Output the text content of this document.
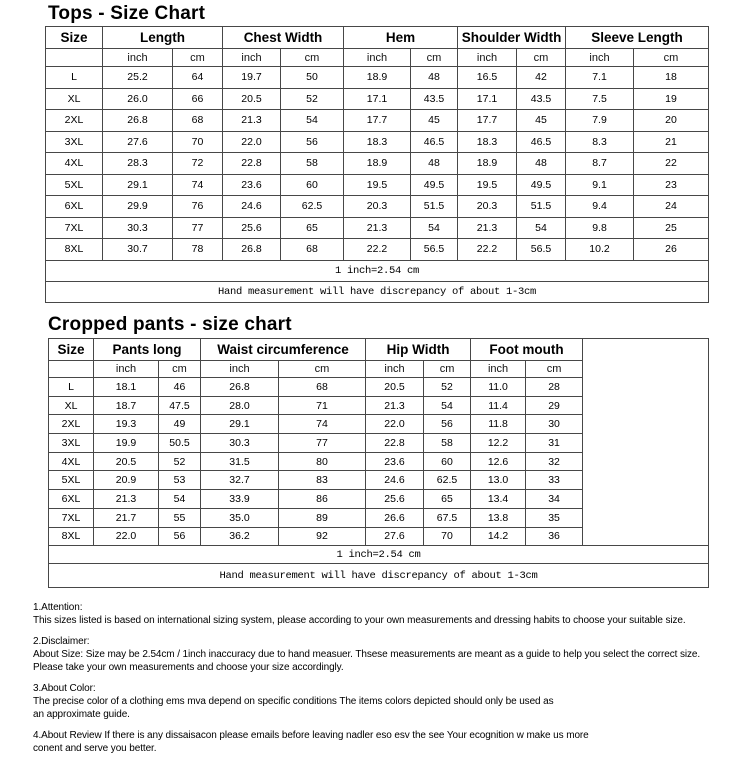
Tops - Size Chart
Size	Length		Chest Width		Hem		Shoulder Width		Sleeve Length	
	inch	cm	inch	cm	inch	cm	inch	cm	inch	cm
L	25.2	64	19.7	50	18.9	48	16.5	42	7.1	18
XL	26.0	66	20.5	52	17.1	43.5	17.1	43.5	7.5	19
2XL	26.8	68	21.3	54	17.7	45	17.7	45	7.9	20
3XL	27.6	70	22.0	56	18.3	46.5	18.3	46.5	8.3	21
4XL	28.3	72	22.8	58	18.9	48	18.9	48	8.7	22
5XL	29.1	74	23.6	60	19.5	49.5	19.5	49.5	9.1	23
6XL	29.9	76	24.6	62.5	20.3	51.5	20.3	51.5	9.4	24
7XL	30.3	77	25.6	65	21.3	54	21.3	54	9.8	25
8XL	30.7	78	26.8	68	22.2	56.5	22.2	56.5	10.2	26
1 inch=2.54 cm										
Hand measurement will have discrepancy of about 1-3cm										
Cropped pants - size chart
Size	Pants long		Waist circumference		Hip Width		Foot mouth		
	inch	cm	inch	cm	inch	cm	inch	cm	
L	18.1	46	26.8	68	20.5	52	11.0	28	
XL	18.7	47.5	28.0	71	21.3	54	11.4	29	
2XL	19.3	49	29.1	74	22.0	56	11.8	30	
3XL	19.9	50.5	30.3	77	22.8	58	12.2	31	
4XL	20.5	52	31.5	80	23.6	60	12.6	32	
5XL	20.9	53	32.7	83	24.6	62.5	13.0	33	
6XL	21.3	54	33.9	86	25.6	65	13.4	34	
7XL	21.7	55	35.0	89	26.6	67.5	13.8	35	
8XL	22.0	56	36.2	92	27.6	70	14.2	36	
1 inch=2.54 cm									
Hand measurement will have discrepancy of about 1-3cm									
1.Attention:
This sizes listed is based on international sizing system, please according to your own measurements and dressing habits to choose your suitable size.
2.Disclaimer:
About Size: Size may be 2.54cm / 1inch inaccuracy due to hand measuer. Thsese measurements are meant as a guide to help you select the correct size.
Please take your own measurements and choose your size accordingly.
3.About Color:
The precise color of a clothing ems mva depend on specific conditions The items colors depicted should only be used as
an approximate guide.
4.About Review If there is any dissaisacon please emails before leaving nadler eso esv the see Your ecognition w make us more
conent and serve you better.
